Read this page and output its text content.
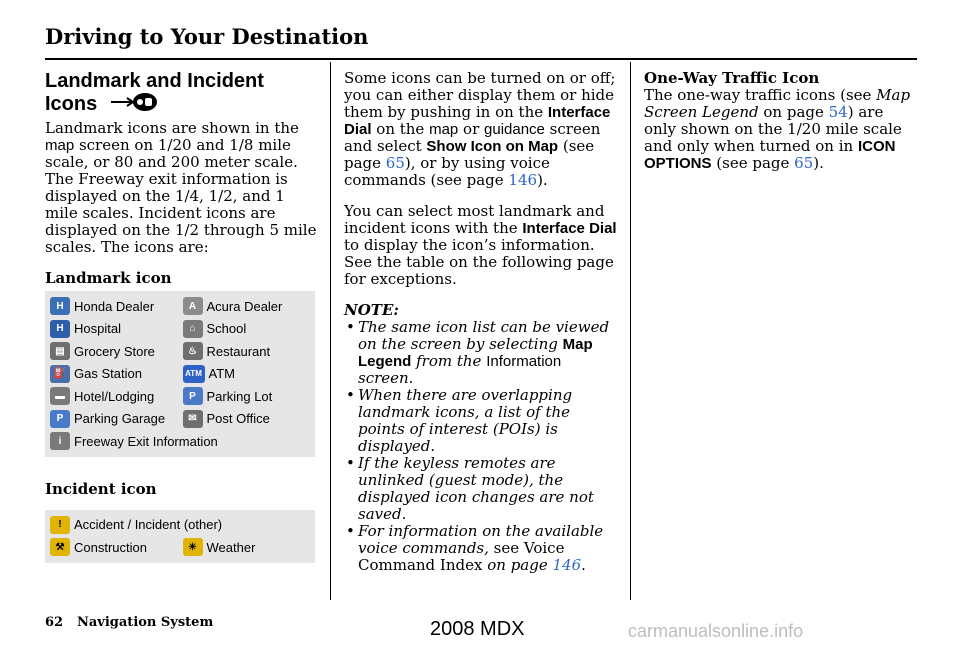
Driving to Your Destination
Landmark and Incident
Icons

Landmark icons are shown in the map screen on 1/20 and 1/8 mile scale, or 80 and 200 meter scale. The Freeway exit information is displayed on the 1/4, 1/2, and 1 mile scales. Incident icons are displayed on the 1/2 through 5 mile scales. The icons are:

Landmark icon

H Honda Dealer	A Acura Dealer
H Hospital	⌂ School
▤ Grocery Store	♨ Restaurant
⛽ Gas Station	ATM ATM
▬ Hotel/Lodging	P Parking Lot
P Parking Garage	✉ Post Office
i Freeway Exit Information

Incident icon

! Accident / Incident (other)
⚒ Construction	☀ Weather

Some icons can be turned on or off; you can either display them or hide them by pushing in on the Interface Dial on the map or guidance screen and select Show Icon on Map (see page 65), or by using voice commands (see page 146).

You can select most landmark and incident icons with the Interface Dial to display the icon’s information. See the table on the following page for exceptions.

NOTE:

• The same icon list can be viewed on the screen by selecting Map Legend from the Information screen.
• When there are overlapping landmark icons, a list of the points of interest (POIs) is displayed.
• If the keyless remotes are unlinked (guest mode), the displayed icon changes are not saved.
• For information on the available voice commands, see Voice Command Index on page 146.

One-Way Traffic Icon

The one-way traffic icons (see Map Screen Legend on page 54) are only shown on the 1/20 mile scale and only when turned on in ICON OPTIONS (see page 65).

62 Navigation System	2008 MDX	carmanualsonline.info
